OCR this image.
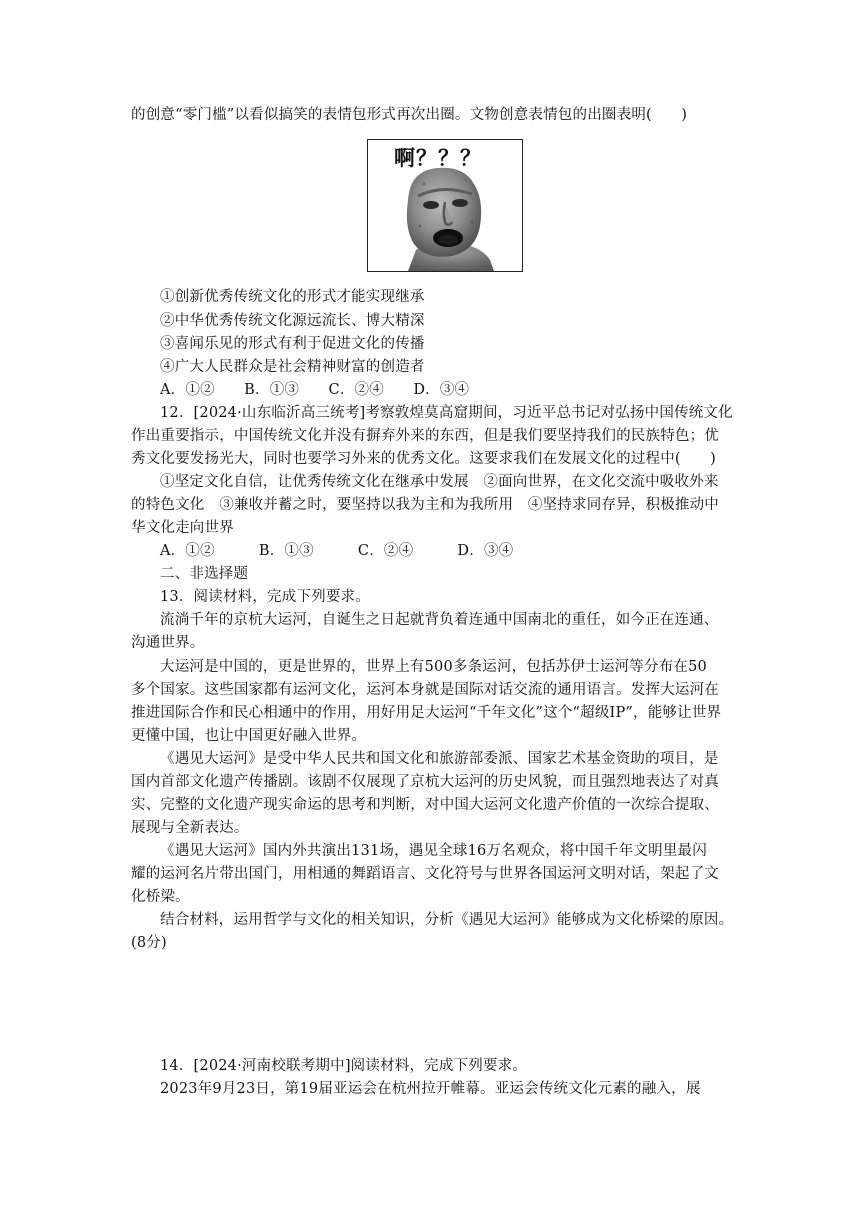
的创意“零门槛”以看似搞笑的表情包形式再次出圈。文物创意表情包的出圈表明(　　)
啊？？？
①创新优秀传统文化的形式才能实现继承
②中华优秀传统文化源远流长、博大精深
③喜闻乐见的形式有利于促进文化的传播
④广大人民群众是社会精神财富的创造者
A．①②　　B．①③　　C．②④　　D．③④
12．[2024·山东临沂高三统考]考察敦煌莫高窟期间，习近平总书记对弘扬中国传统文化
作出重要指示，中国传统文化并没有摒弃外来的东西，但是我们要坚持我们的民族特色；优
秀文化要发扬光大，同时也要学习外来的优秀文化。这要求我们在发展文化的过程中(　　)
①坚定文化自信，让优秀传统文化在继承中发展　②面向世界，在文化交流中吸收外来
的特色文化　③兼收并蓄之时，要坚持以我为主和为我所用　④坚持求同存异，积极推动中
华文化走向世界
A．①②　　　B．①③　　　C．②④　　　D．③④
二、非选择题
13．阅读材料，完成下列要求。
流淌千年的京杭大运河，自诞生之日起就背负着连通中国南北的重任，如今正在连通、
沟通世界。
大运河是中国的，更是世界的，世界上有500多条运河，包括苏伊士运河等分布在50
多个国家。这些国家都有运河文化，运河本身就是国际对话交流的通用语言。发挥大运河在
推进国际合作和民心相通中的作用，用好用足大运河“千年文化”这个“超级IP”，能够让世界
更懂中国，也让中国更好融入世界。
《遇见大运河》是受中华人民共和国文化和旅游部委派、国家艺术基金资助的项目，是
国内首部文化遗产传播剧。该剧不仅展现了京杭大运河的历史风貌，而且强烈地表达了对真
实、完整的文化遗产现实命运的思考和判断，对中国大运河文化遗产价值的一次综合提取、
展现与全新表达。
《遇见大运河》国内外共演出131场，遇见全球16万名观众，将中国千年文明里最闪
耀的运河名片带出国门，用相通的舞蹈语言、文化符号与世界各国运河文明对话，架起了文
化桥梁。
结合材料，运用哲学与文化的相关知识，分析《遇见大运河》能够成为文化桥梁的原因。
(8分)
14．[2024·河南校联考期中]阅读材料，完成下列要求。
2023年9月23日，第19届亚运会在杭州拉开帷幕。亚运会传统文化元素的融入，展
